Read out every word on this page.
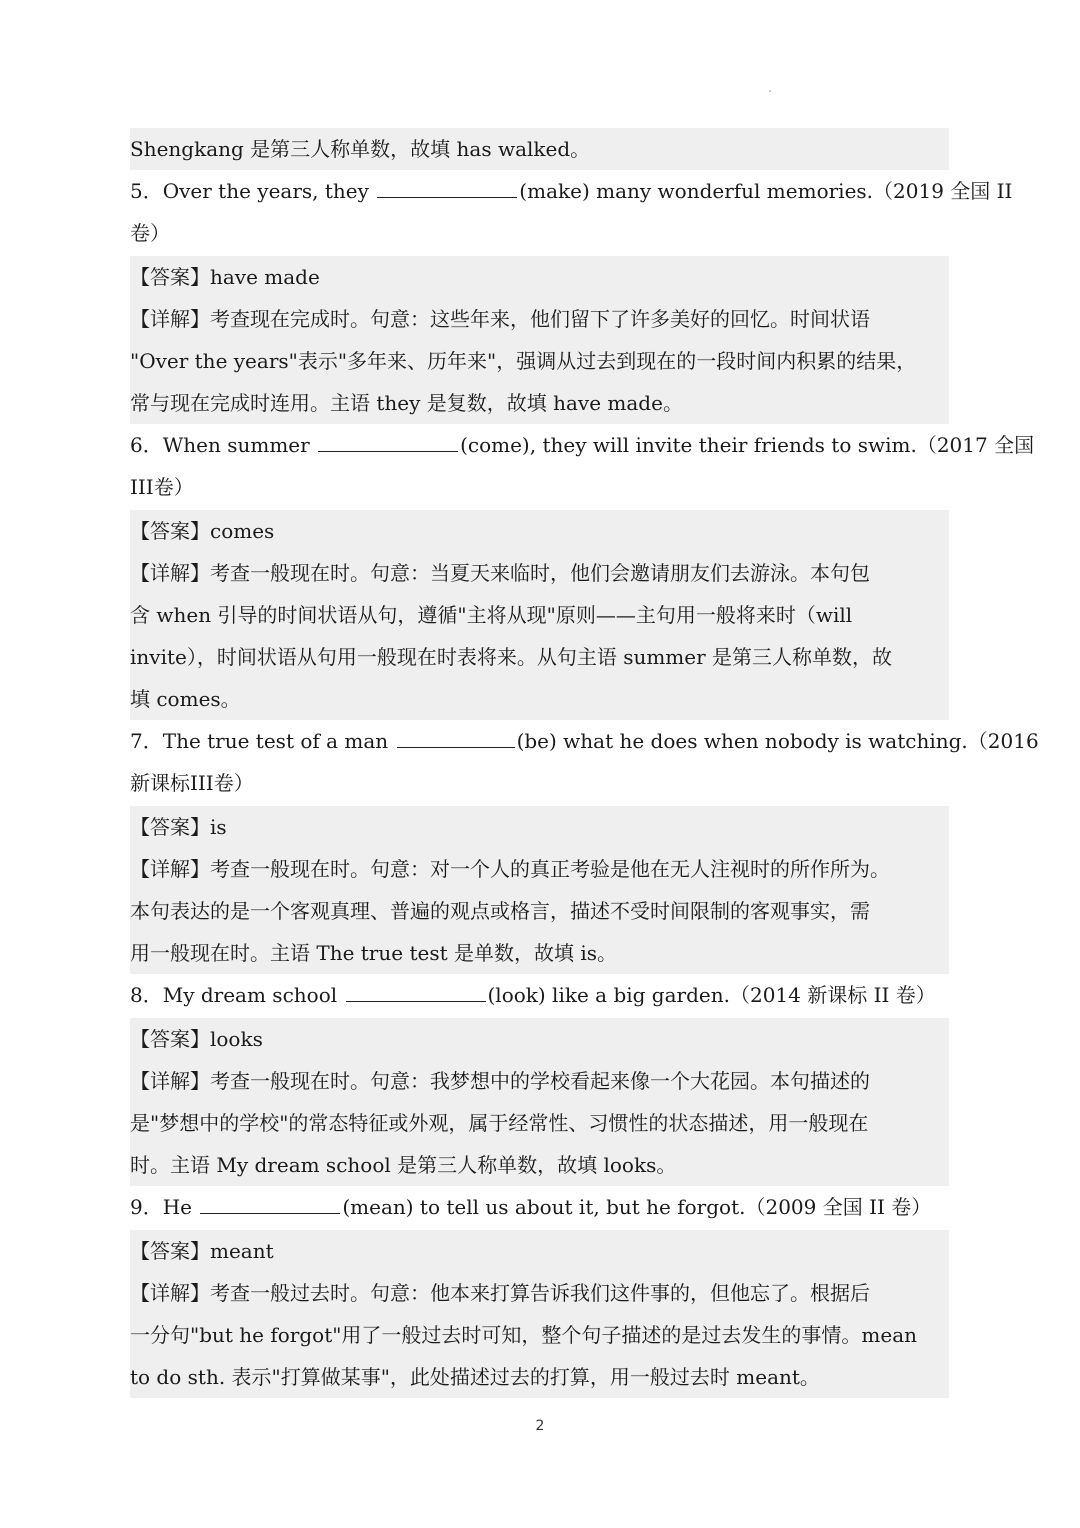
Shengkang 是第三人称单数，故填 has walked。
5．Over the years, they	(make) many wonderful memories.（2019 全国 II
卷）
【答案】have made
【详解】考查现在完成时。句意：这些年来，他们留下了许多美好的回忆。时间状语
"Over the years"表示"多年来、历年来"，强调从过去到现在的一段时间内积累的结果，
常与现在完成时连用。主语 they 是复数，故填 have made。
6．When summer	(come), they will invite their friends to swim.（2017 全国
III卷）
【答案】comes
【详解】考查一般现在时。句意：当夏天来临时，他们会邀请朋友们去游泳。本句包
含 when 引导的时间状语从句，遵循"主将从现"原则——主句用一般将来时（will
invite），时间状语从句用一般现在时表将来。从句主语 summer 是第三人称单数，故
填 comes。
7．The true test of a man	(be) what he does when nobody is watching.（2016
新课标III卷）
【答案】is
【详解】考查一般现在时。句意：对一个人的真正考验是他在无人注视时的所作所为。
本句表达的是一个客观真理、普遍的观点或格言，描述不受时间限制的客观事实，需
用一般现在时。主语 The true test 是单数，故填 is。
8．My dream school	(look) like a big garden.（2014 新课标 II 卷）
【答案】looks
【详解】考查一般现在时。句意：我梦想中的学校看起来像一个大花园。本句描述的
是"梦想中的学校"的常态特征或外观，属于经常性、习惯性的状态描述，用一般现在
时。主语 My dream school 是第三人称单数，故填 looks。
9．He	(mean) to tell us about it, but he forgot.（2009 全国 II 卷）
【答案】meant
【详解】考查一般过去时。句意：他本来打算告诉我们这件事的，但他忘了。根据后
一分句"but he forgot"用了一般过去时可知，整个句子描述的是过去发生的事情。mean
to do sth. 表示"打算做某事"，此处描述过去的打算，用一般过去时 meant。
2
